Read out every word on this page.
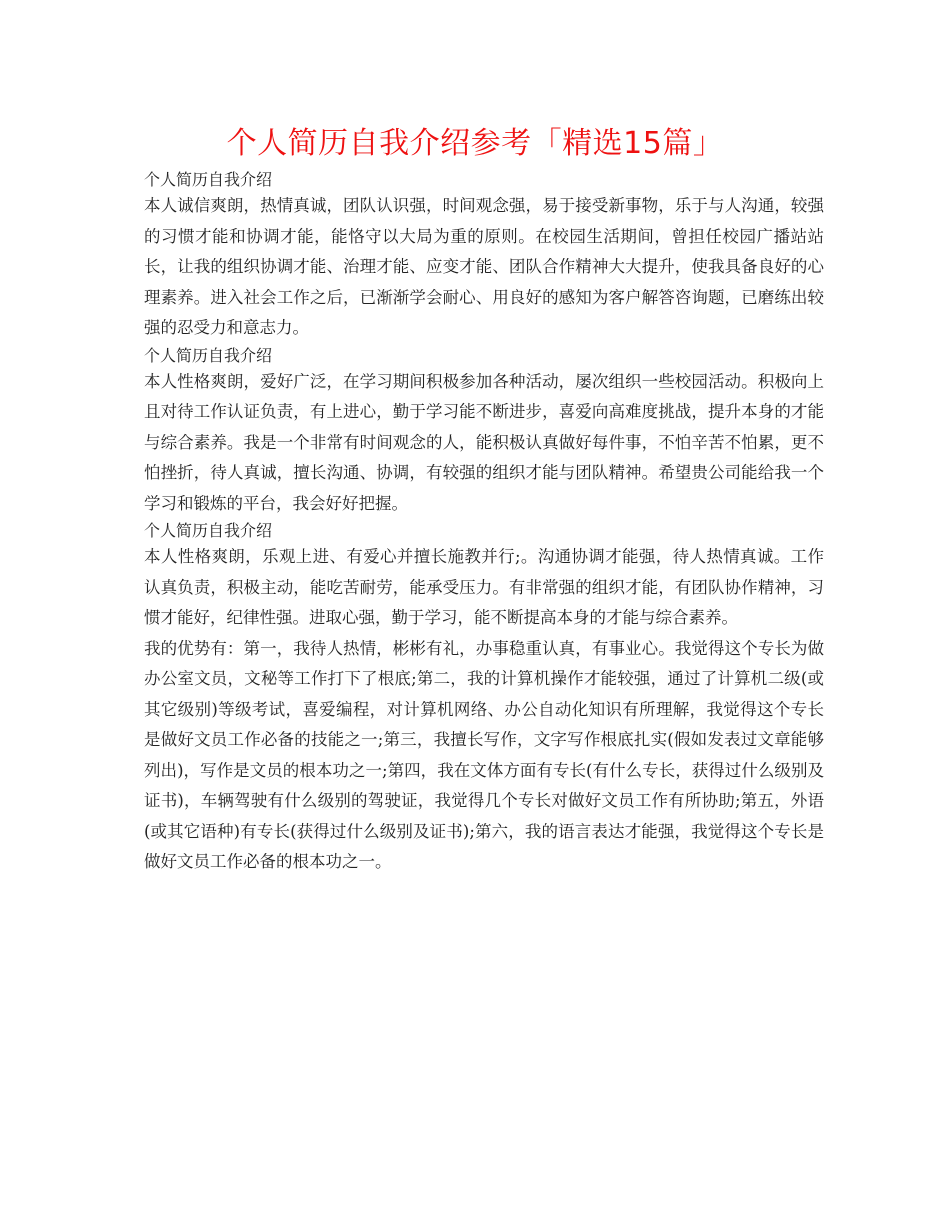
个人简历自我介绍参考「精选15篇」

个人简历自我介绍

本人诚信爽朗，热情真诚，团队认识强，时间观念强，易于接受新事物，乐于与人沟通，较强的习惯才能和协调才能，能恪守以大局为重的原则。在校园生活期间，曾担任校园广播站站长，让我的组织协调才能、治理才能、应变才能、团队合作精神大大提升，使我具备良好的心理素养。进入社会工作之后，已渐渐学会耐心、用良好的感知为客户解答咨询题，已磨练出较强的忍受力和意志力。

个人简历自我介绍

本人性格爽朗，爱好广泛，在学习期间积极参加各种活动，屡次组织一些校园活动。积极向上且对待工作认证负责，有上进心，勤于学习能不断进步，喜爱向高难度挑战，提升本身的才能与综合素养。我是一个非常有时间观念的人，能积极认真做好每件事，不怕辛苦不怕累，更不怕挫折，待人真诚，擅长沟通、协调，有较强的组织才能与团队精神。希望贵公司能给我一个学习和锻炼的平台，我会好好把握。

个人简历自我介绍

本人性格爽朗，乐观上进、有爱心并擅长施教并行;。沟通协调才能强，待人热情真诚。工作认真负责，积极主动，能吃苦耐劳，能承受压力。有非常强的组织才能，有团队协作精神，习惯才能好，纪律性强。进取心强，勤于学习，能不断提高本身的才能与综合素养。

我的优势有：第一，我待人热情，彬彬有礼，办事稳重认真，有事业心。我觉得这个专长为做办公室文员，文秘等工作打下了根底;第二，我的计算机操作才能较强，通过了计算机二级(或其它级别)等级考试，喜爱编程，对计算机网络、办公自动化知识有所理解，我觉得这个专长是做好文员工作必备的技能之一;第三，我擅长写作，文字写作根底扎实(假如发表过文章能够列出)，写作是文员的根本功之一;第四，我在文体方面有专长(有什么专长，获得过什么级别及证书)，车辆驾驶有什么级别的驾驶证，我觉得几个专长对做好文员工作有所协助;第五，外语(或其它语种)有专长(获得过什么级别及证书);第六，我的语言表达才能强，我觉得这个专长是做好文员工作必备的根本功之一。
